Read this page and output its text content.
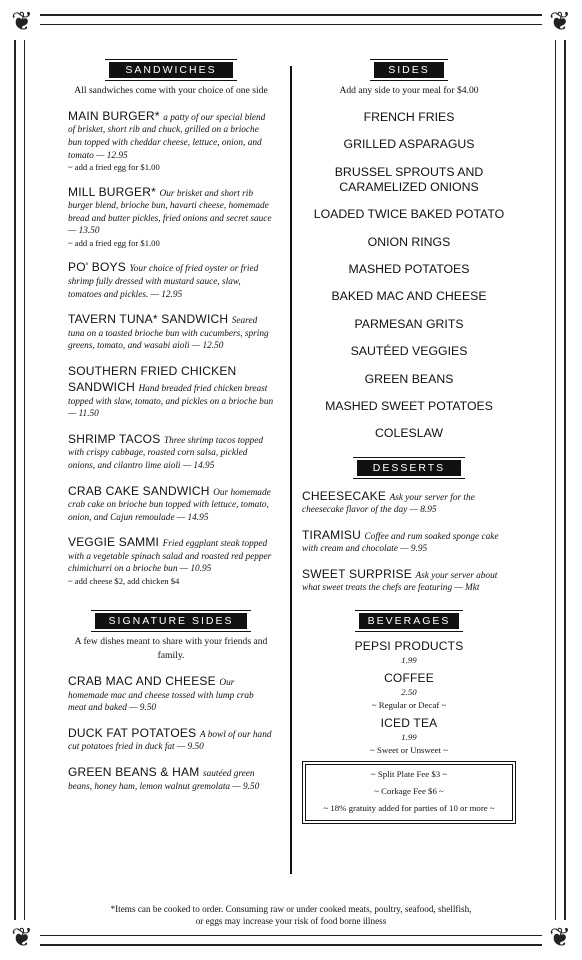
❦	❦
❦	❦
SANDWICHES
All sandwiches come with your choice of one side
MAIN BURGER* a patty of our special blend of brisket, short rib and chuck, grilled on a brioche bun topped with cheddar cheese, lettuce, onion, and tomato — 12.95
~ add a fried egg for $1.00
MILL BURGER* Our brisket and short rib burger blend, brioche bun, havarti cheese, homemade bread and butter pickles, fried onions and secret sauce — 13.50
~ add a fried egg for $1.00
PO' BOYS Your choice of fried oyster or fried shrimp fully dressed with mustard sauce, slaw, tomatoes and pickles. — 12.95
TAVERN TUNA* SANDWICH Seared tuna on a toasted brioche bun with cucumbers, spring greens, tomato, and wasabi aioli — 12.50
SOUTHERN FRIED CHICKEN SANDWICH Hand breaded fried chicken breast topped with slaw, tomato, and pickles on a brioche bun — 11.50
SHRIMP TACOS Three shrimp tacos topped with crispy cabbage, roasted corn salsa, pickled onions, and cilantro lime aioli — 14.95
CRAB CAKE SANDWICH Our homemade crab cake on brioche bun topped with lettuce, tomato, onion, and Cajun remoulade — 14.95
VEGGIE SAMMI Fried eggplant steak topped with a vegetable spinach salad and roasted red pepper chimichurri on a brioche bun — 10.95
~ add cheese $2, add chicken $4
SIGNATURE SIDES
A few dishes meant to share with your friends and family.
CRAB MAC AND CHEESE Our homemade mac and cheese tossed with lump crab meat and baked — 9.50
DUCK FAT POTATOES A bowl of our hand cut potatoes fried in duck fat — 9.50
GREEN BEANS & HAM sautéed green beans, honey ham, lemon walnut gremolata — 9.50
SIDES
Add any side to your meal for $4.00
FRENCH FRIES
GRILLED ASPARAGUS
BRUSSEL SPROUTS AND CARAMELIZED ONIONS
LOADED TWICE BAKED POTATO
ONION RINGS
MASHED POTATOES
BAKED MAC AND CHEESE
PARMESAN GRITS
SAUTÉED VEGGIES
GREEN BEANS
MASHED SWEET POTATOES
COLESLAW
DESSERTS
CHEESECAKE Ask your server for the cheesecake flavor of the day — 8.95
TIRAMISU Coffee and rum soaked sponge cake with cream and chocolate — 9.95
SWEET SURPRISE Ask your server about what sweet treats the chefs are featuring — Mkt
BEVERAGES
PEPSI PRODUCTS
1.99
COFFEE
2.50
~ Regular or Decaf ~
ICED TEA
1.99
~ Sweet or Unsweet ~
~ Split Plate Fee $3 ~
~ Corkage Fee $6 ~
~ 18% gratuity added for parties of 10 or more ~
*Items can be cooked to order. Consuming raw or under cooked meats, poultry, seafood, shellfish,
or eggs may increase your risk of food borne illness
